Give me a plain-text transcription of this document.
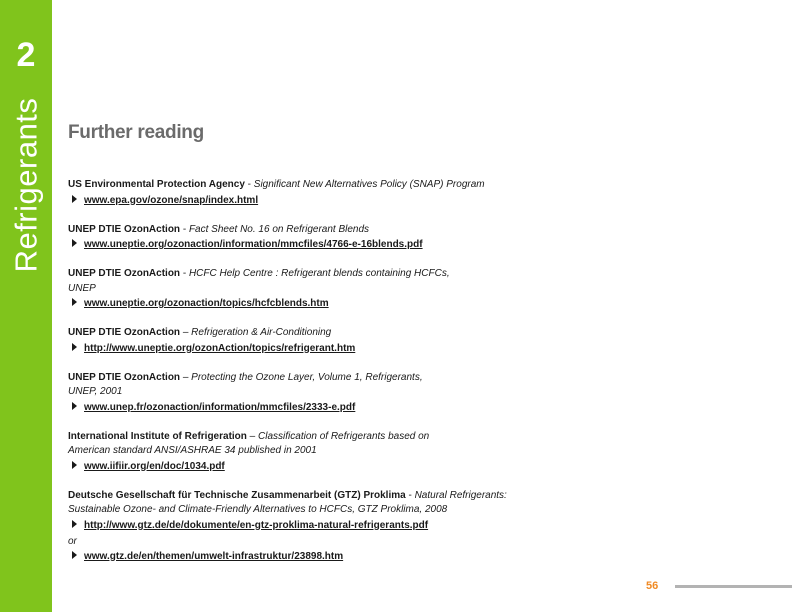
2
Refrigerants Further reading
US Environmental Protection Agency - Significant New Alternatives Policy (SNAP) Program
www.epa.gov/ozone/snap/index.html
UNEP DTIE OzonAction - Fact Sheet No. 16 on Refrigerant Blends
www.uneptie.org/ozonaction/information/mmcfiles/4766-e-16blends.pdf
UNEP DTIE OzonAction - HCFC Help Centre : Refrigerant blends containing HCFCs,
UNEP
www.uneptie.org/ozonaction/topics/hcfcblends.htm
UNEP DTIE OzonAction – Refrigeration & Air-Conditioning
http://www.uneptie.org/ozonAction/topics/refrigerant.htm
UNEP DTIE OzonAction – Protecting the Ozone Layer, Volume 1, Refrigerants,
UNEP, 2001
www.unep.fr/ozonaction/information/mmcfiles/2333-e.pdf
International Institute of Refrigeration – Classification of Refrigerants based on
American standard ANSI/ASHRAE 34 published in 2001
www.iifiir.org/en/doc/1034.pdf
Deutsche Gesellschaft für Technische Zusammenarbeit (GTZ) Proklima - Natural Refrigerants:
Sustainable Ozone- and Climate-Friendly Alternatives to HCFCs, GTZ Proklima, 2008
http://www.gtz.de/de/dokumente/en-gtz-proklima-natural-refrigerants.pdf
or
www.gtz.de/en/themen/umwelt-infrastruktur/23898.htm
56
